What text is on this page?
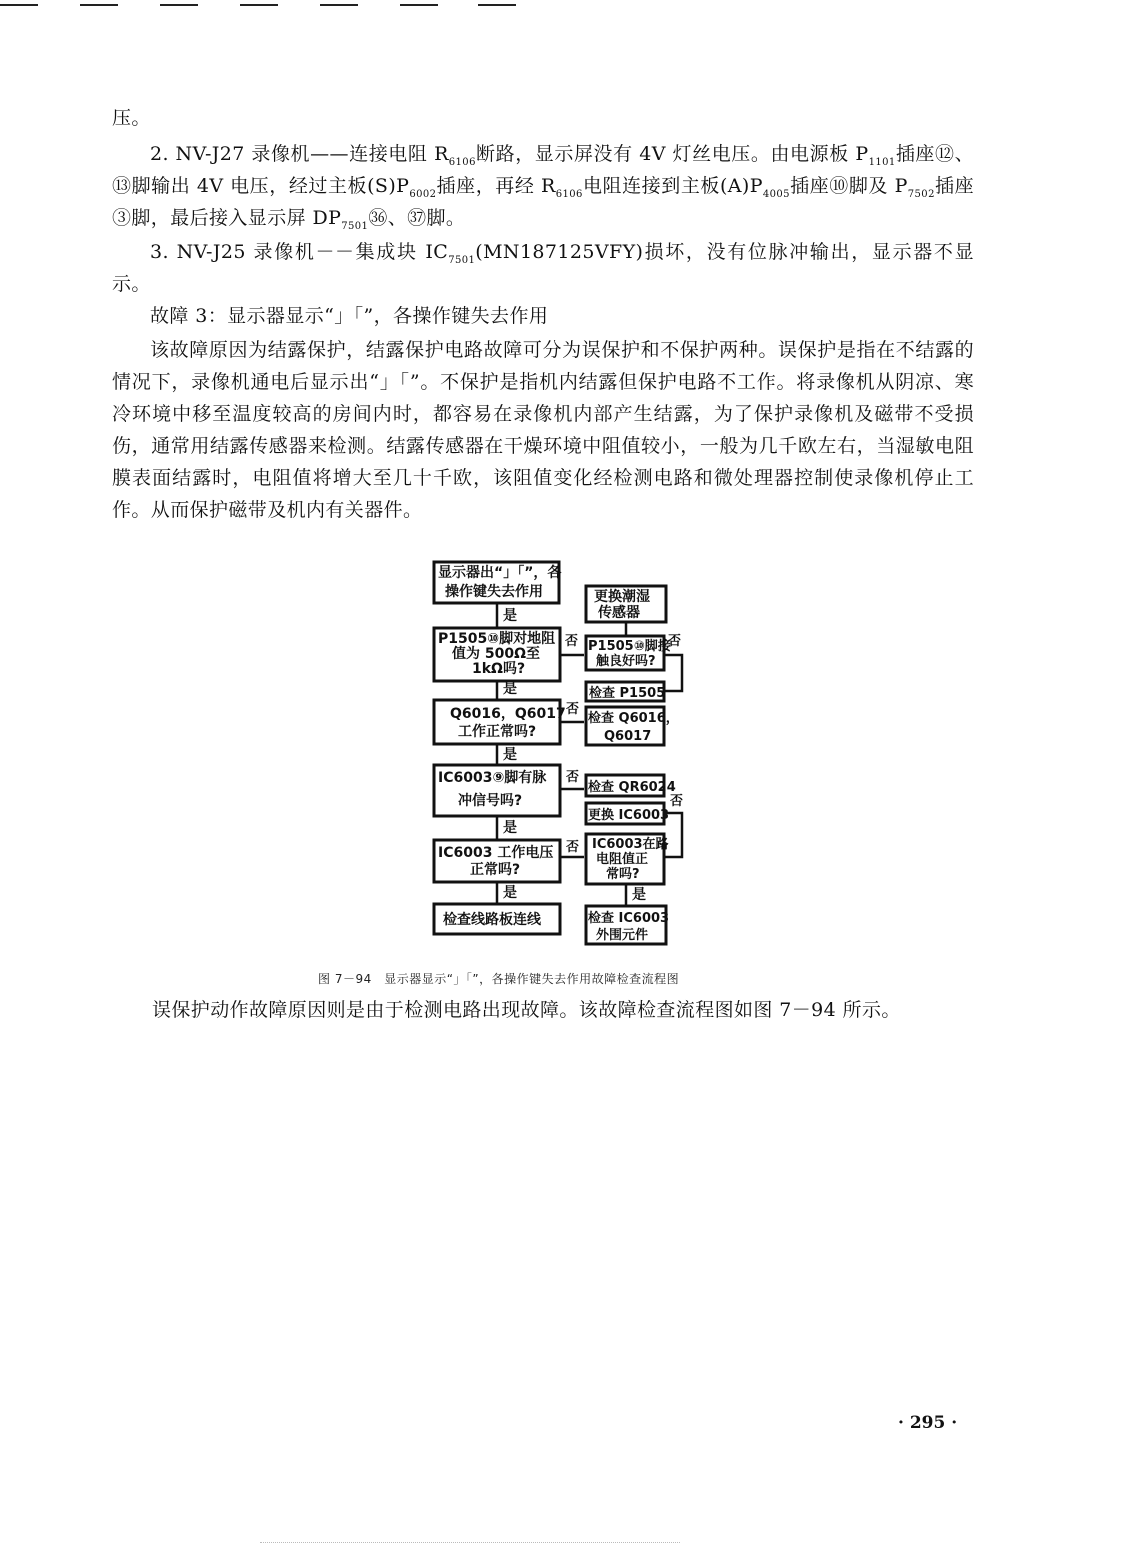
压。
2. NV-J27 录像机——连接电阻 $R_{6106}$断路，显示屏没有 4V 灯丝电压。由电源板 $P_{1101}$插座⑫、⑬脚输出 4V 电压，经过主板$(S)P_{6002}$插座，再经 $R_{6106}$电阻连接到主板$(A)P_{4005}$插座⑩脚及 $P_{7502}$插座③脚，最后接入显示屏 $DP_{7501}㊱$、㊲脚。
3. NV-J25 录像机－－集成块 $IC_{7501}(MN187125VFY)$损坏，没有位脉冲输出，显示器不显示。
故障 3：显示器显示“」「”，各操作键失去作用
该故障原因为结露保护，结露保护电路故障可分为误保护和不保护两种。误保护是指在不结露的情况下，录像机通电后显示出“」「”。不保护是指机内结露但保护电路不工作。将录像机从阴凉、寒冷环境中移至温度较高的房间内时，都容易在录像机内部产生结露，为了保护录像机及磁带不受损伤，通常用结露传感器来检测。结露传感器在干燥环境中阻值较小，一般为几千欧左右，当湿敏电阻膜表面结露时，电阻值将增大至几十千欧，该阻值变化经检测电路和微处理器控制使录像机停止工作。从而保护磁带及机内有关器件。
显示器出“」「”，各
操作键失去作用
P1505⑩脚对地阻
值为 500Ω至
1kΩ吗?
Q6016，Q6017
工作正常吗?
IC6003⑨脚有脉
冲信号吗?
IC6003 工作电压
正常吗?
检查线路板连线
更换潮湿
传感器
P1505⑩脚接
触良好吗?
检查 P1505
检查 Q6016，
Q6017
检查 QR6024
更换 IC6003
IC6003在路
电阻值正
常吗?
检查 IC6003
外围元件
是
是
是
是
是	是
否	否
否
否
否
否
图 7－94　显示器显示“」「”，各操作键失去作用故障检查流程图
误保护动作故障原因则是由于检测电路出现故障。该故障检查流程图如图 7－94 所示。
· 295 ·
